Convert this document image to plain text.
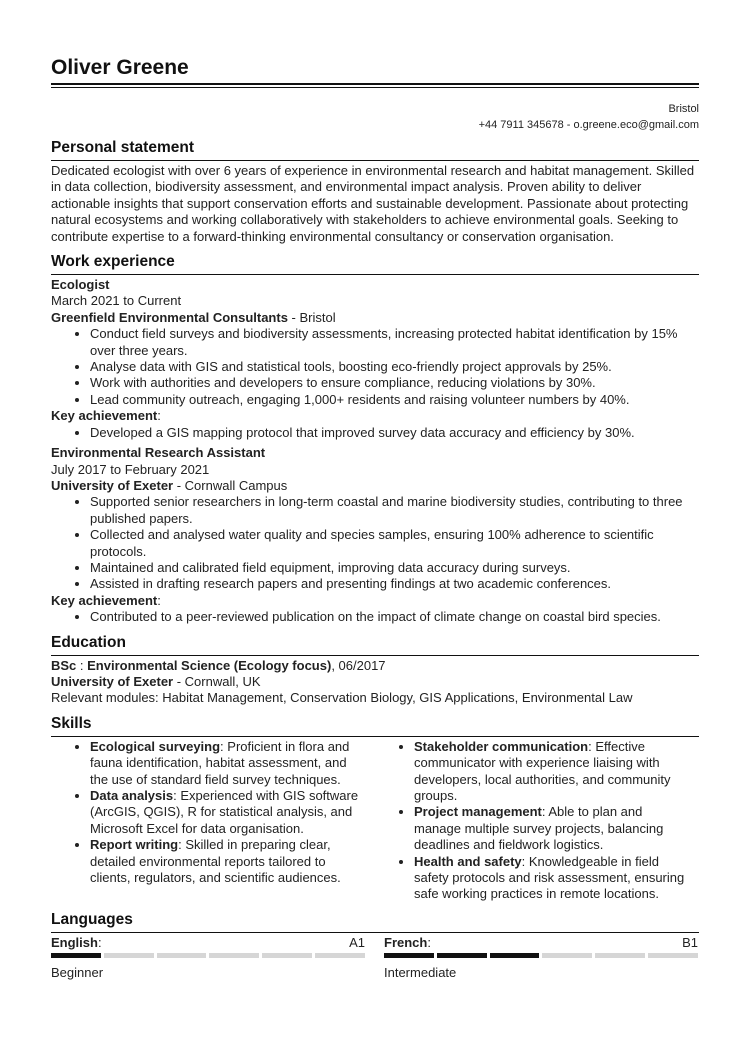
Oliver Greene
Bristol
+44 7911 345678 - o.greene.eco@gmail.com
Personal statement

Dedicated ecologist with over 6 years of experience in environmental research and habitat management. Skilled in data collection, biodiversity assessment, and environmental impact analysis. Proven ability to deliver actionable insights that support conservation efforts and sustainable development. Passionate about protecting natural ecosystems and working collaboratively with stakeholders to achieve environmental goals. Seeking to contribute expertise to a forward-thinking environmental consultancy or conservation organisation.

Work experience
Ecologist
March 2021 to Current
Greenfield Environmental Consultants - Bristol
• Conduct field surveys and biodiversity assessments, increasing protected habitat identification by 15% over three years.
• Analyse data with GIS and statistical tools, boosting eco-friendly project approvals by 25%.
• Work with authorities and developers to ensure compliance, reducing violations by 30%.
• Lead community outreach, engaging 1,000+ residents and raising volunteer numbers by 40%.
Key achievement:
• Developed a GIS mapping protocol that improved survey data accuracy and efficiency by 30%.
Environmental Research Assistant
July 2017 to February 2021
University of Exeter - Cornwall Campus
• Supported senior researchers in long-term coastal and marine biodiversity studies, contributing to three published papers.
• Collected and analysed water quality and species samples, ensuring 100% adherence to scientific protocols.
• Maintained and calibrated field equipment, improving data accuracy during surveys.
• Assisted in drafting research papers and presenting findings at two academic conferences.
Key achievement:
• Contributed to a peer-reviewed publication on the impact of climate change on coastal bird species.
Education
BSc : Environmental Science (Ecology focus), 06/2017
University of Exeter - Cornwall, UK
Relevant modules: Habitat Management, Conservation Biology, GIS Applications, Environmental Law
Skills
• Ecological surveying: Proficient in flora and fauna identification, habitat assessment, and the use of standard field survey techniques.
• Data analysis: Experienced with GIS software (ArcGIS, QGIS), R for statistical analysis, and Microsoft Excel for data organisation.
• Report writing: Skilled in preparing clear, detailed environmental reports tailored to clients, regulators, and scientific audiences.
• Stakeholder communication: Effective communicator with experience liaising with developers, local authorities, and community groups.
• Project management: Able to plan and manage multiple survey projects, balancing deadlines and fieldwork logistics.
• Health and safety: Knowledgeable in field safety protocols and risk assessment, ensuring safe working practices in remote locations.
Languages
English:	A1
Beginner
French:	B1
Intermediate
